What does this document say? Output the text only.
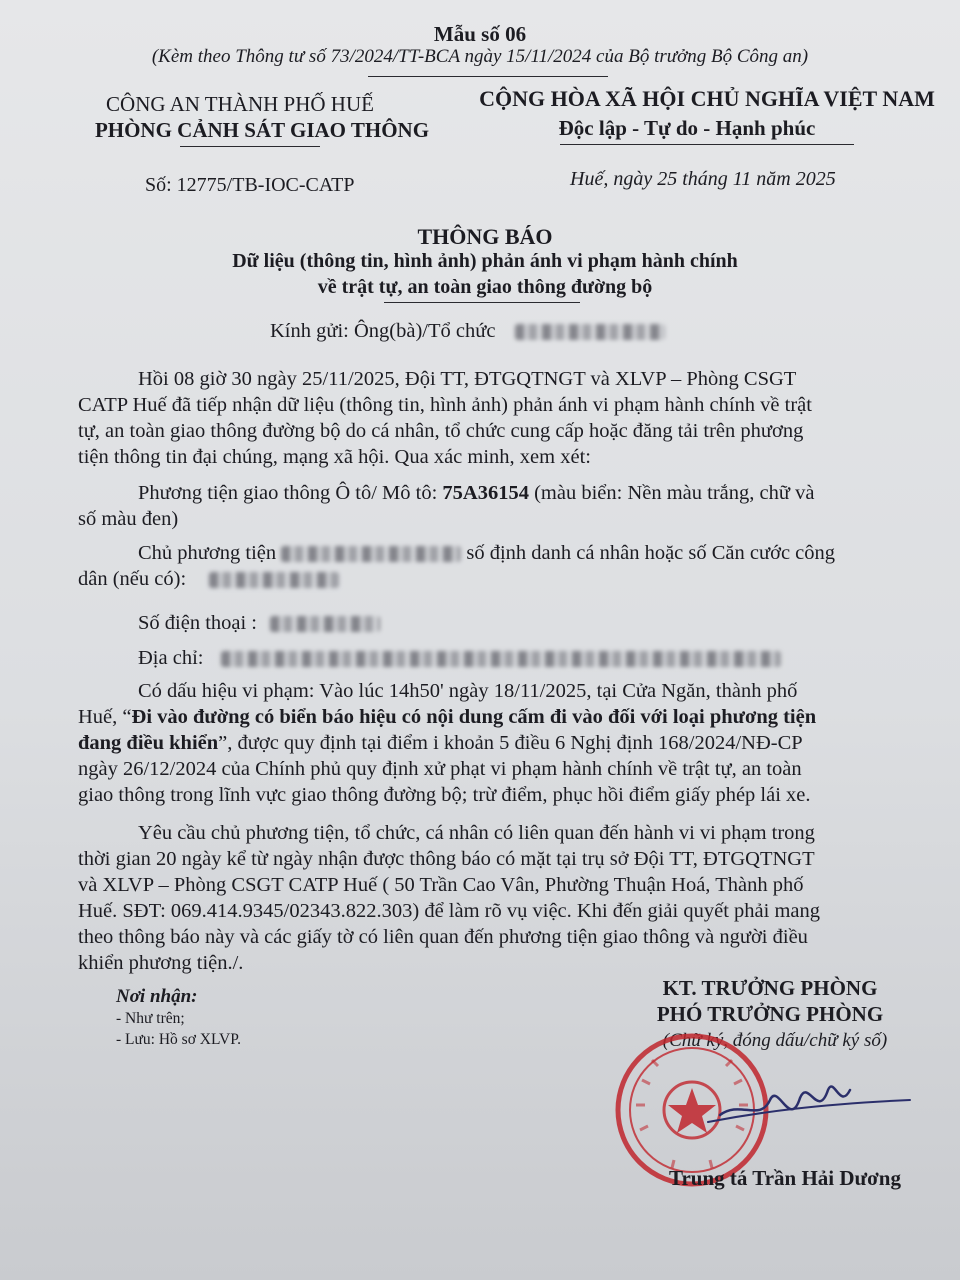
Mẫu số 06
(Kèm theo Thông tư số 73/2024/TT-BCA ngày 15/11/2024 của Bộ trưởng Bộ Công an)
CÔNG AN THÀNH PHỐ HUẾ
PHÒNG CẢNH SÁT GIAO THÔNG
CỘNG HÒA XÃ HỘI CHỦ NGHĨA VIỆT NAM
Độc lập - Tự do - Hạnh phúc
Số: 12775/TB-IOC-CATP	Huế, ngày 25 tháng 11 năm 2025
THÔNG BÁO
Dữ liệu (thông tin, hình ảnh) phản ánh vi phạm hành chính
về trật tự, an toàn giao thông đường bộ
Kính gửi: Ông(bà)/Tổ chức
Hồi 08 giờ 30 ngày 25/11/2025, Đội TT, ĐTGQTNGT và XLVP – Phòng CSGT
CATP Huế đã tiếp nhận dữ liệu (thông tin, hình ảnh) phản ánh vi phạm hành chính về trật
tự, an toàn giao thông đường bộ do cá nhân, tổ chức cung cấp hoặc đăng tải trên phương
tiện thông tin đại chúng, mạng xã hội. Qua xác minh, xem xét:
Phương tiện giao thông Ô tô/ Mô tô: 75A36154 (màu biển: Nền màu trắng, chữ và
số màu đen)
Chủ phương tiện	số định danh cá nhân hoặc số Căn cước công
dân (nếu có):
Số điện thoại :
Địa chỉ:
Có dấu hiệu vi phạm: Vào lúc 14h50' ngày 18/11/2025, tại Cửa Ngăn, thành phố
Huế, “Đi vào đường có biển báo hiệu có nội dung cấm đi vào đối với loại phương tiện
đang điều khiển”, được quy định tại điểm i khoản 5 điều 6 Nghị định 168/2024/NĐ-CP
ngày 26/12/2024 của Chính phủ quy định xử phạt vi phạm hành chính về trật tự, an toàn
giao thông trong lĩnh vực giao thông đường bộ; trừ điểm, phục hồi điểm giấy phép lái xe.
Yêu cầu chủ phương tiện, tổ chức, cá nhân có liên quan đến hành vi vi phạm trong
thời gian 20 ngày kể từ ngày nhận được thông báo có mặt tại trụ sở Đội TT, ĐTGQTNGT
và XLVP – Phòng CSGT CATP Huế ( 50 Trần Cao Vân, Phường Thuận Hoá, Thành phố
Huế. SĐT: 069.414.9345/02343.822.303) để làm rõ vụ việc. Khi đến giải quyết phải mang
theo thông báo này và các giấy tờ có liên quan đến phương tiện giao thông và người điều
khiển phương tiện./.
Nơi nhận:
- Như trên;
- Lưu: Hồ sơ XLVP.
KT. TRƯỞNG PHÒNG
PHÓ TRƯỞNG PHÒNG
(Chữ ký, đóng dấu/chữ ký số)
Trung tá Trần Hải Dương
